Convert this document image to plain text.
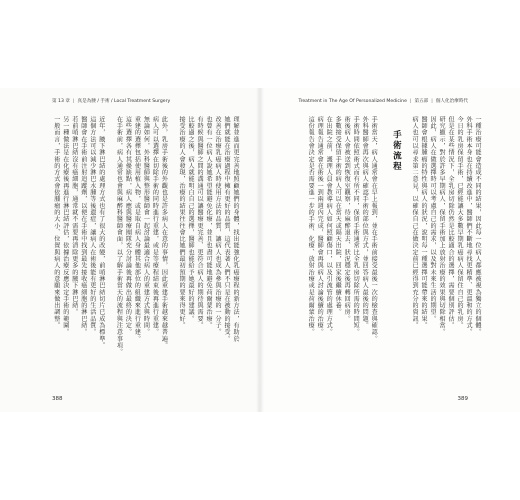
第 13 章 | 真是為腰 / 手術 / Local Treatment Surgery
理解並進而更完善地照顧她們的身體，找出能強化乳癌療程的新方法，有助於
她們就能在治療過程中擁有更好的品質，這代表著人們不只是在被動的接受。
改善在治療乳癌病人時使用方法的品質，讓病人也成為參與治療的一分子。
也曾有一位病人說她希望能避免化療，並且也盡可能地避免荷爾蒙治療。
有時候與醫師之間的溝通可以讓醫療更完善、更符合病人的期待與需要。
比較過之後，病人就能明白自己的選擇，醫師也能給予她最好的建議。
接受治療的人會發現，治療的結果往往會比她們最初預期的要來得更好。
此外，乳房手術後的外觀也是許多病人在意的事情，因此重建手術越來越普遍。
病人可以選擇在切除手術的同時進行重建，或是等療程結束後再進行重建。
無論如何，外科醫師與整形醫師會一起討論最適合病人的重建方式與時間。
重建的選擇包括使用植入物，或是取自病人身體其他部位的組織來進行重建。
這些選擇各有其優缺點，病人應與醫療團隊充分討論後再做出最終的決定。
在手術前，病人通常也會與麻醉科醫師會面，以了解手術當天的流程與注意事項。
近年，腋下淋巴結的處理方式也有了很大的改變，前哨淋巴結切片已成為標準。
這個方法可以減少淋巴水腫等後遺症，讓病人在術後能有更好的生活品質。
醫師會在手術前注射追蹤劑，以便在手術中找到最先接收癌細胞的淋巴結。
若前哨淋巴結沒有癌細胞，通常就不需要再清除更多的腋下淋巴結。
另一種做法是在化療後再進行淋巴結評估，依據治療反應決定手術的範圍。
一般而言，手術的方式會依腫瘤的大小、位置與病人的意願來做出調整。
388
Treatment in The Age Of Personalized Medicine | 第五部 | 個人化治療時代
一種治療可能會造成不同的結果，因此每一位病人都應被視為獨立的個體。
外科手術本身也在持續改進中，醫師們不斷地尋找更精準、更溫和的方式。
今日的乳房保留手術，已經能讓大多數早期乳癌病人保留住自己的乳房。
但是在某些情況下，全乳房切除仍然是比較適合的選擇，需要個別評估。
研究顯示，對於許多早期病人，保留手術加上放射治療的效果與切除相當。
因此，病人在做選擇時可以考慮自己的需求，以及對未來生活的期望。
醫師會根據腫瘤的特性與病人的狀況，說明每一種選擇可能帶來的結果。
病人也可以尋求第二意見，以確保自己在做決定前已經得到充分的資訊。
手術流程
手術當天，病人通常會在早上報到，並在手術前接受最後一次的檢查與確認。
外科醫師會再次與病人確認手術的部位與方式，並回答病人最後的問題。
手術時間依照術式而有所不同，保留手術通常比全乳房切除所需的時間短。
術後病人會被送到恢復室觀察，待麻醉退去、狀況穩定後再轉回病房。
多數接受保留手術的病人可以在當天或隔天出院，回家後繼續休養。
在出院之前，護理人員會教導病人如何照顧傷口，以及引流管的處理方式。
病理報告通常會在術後一到兩週內完成，醫師會再與病人討論後續的治療。
這份報告會決定是否需要進一步的手術、化療、放射治療或是荷爾蒙治療。
389
